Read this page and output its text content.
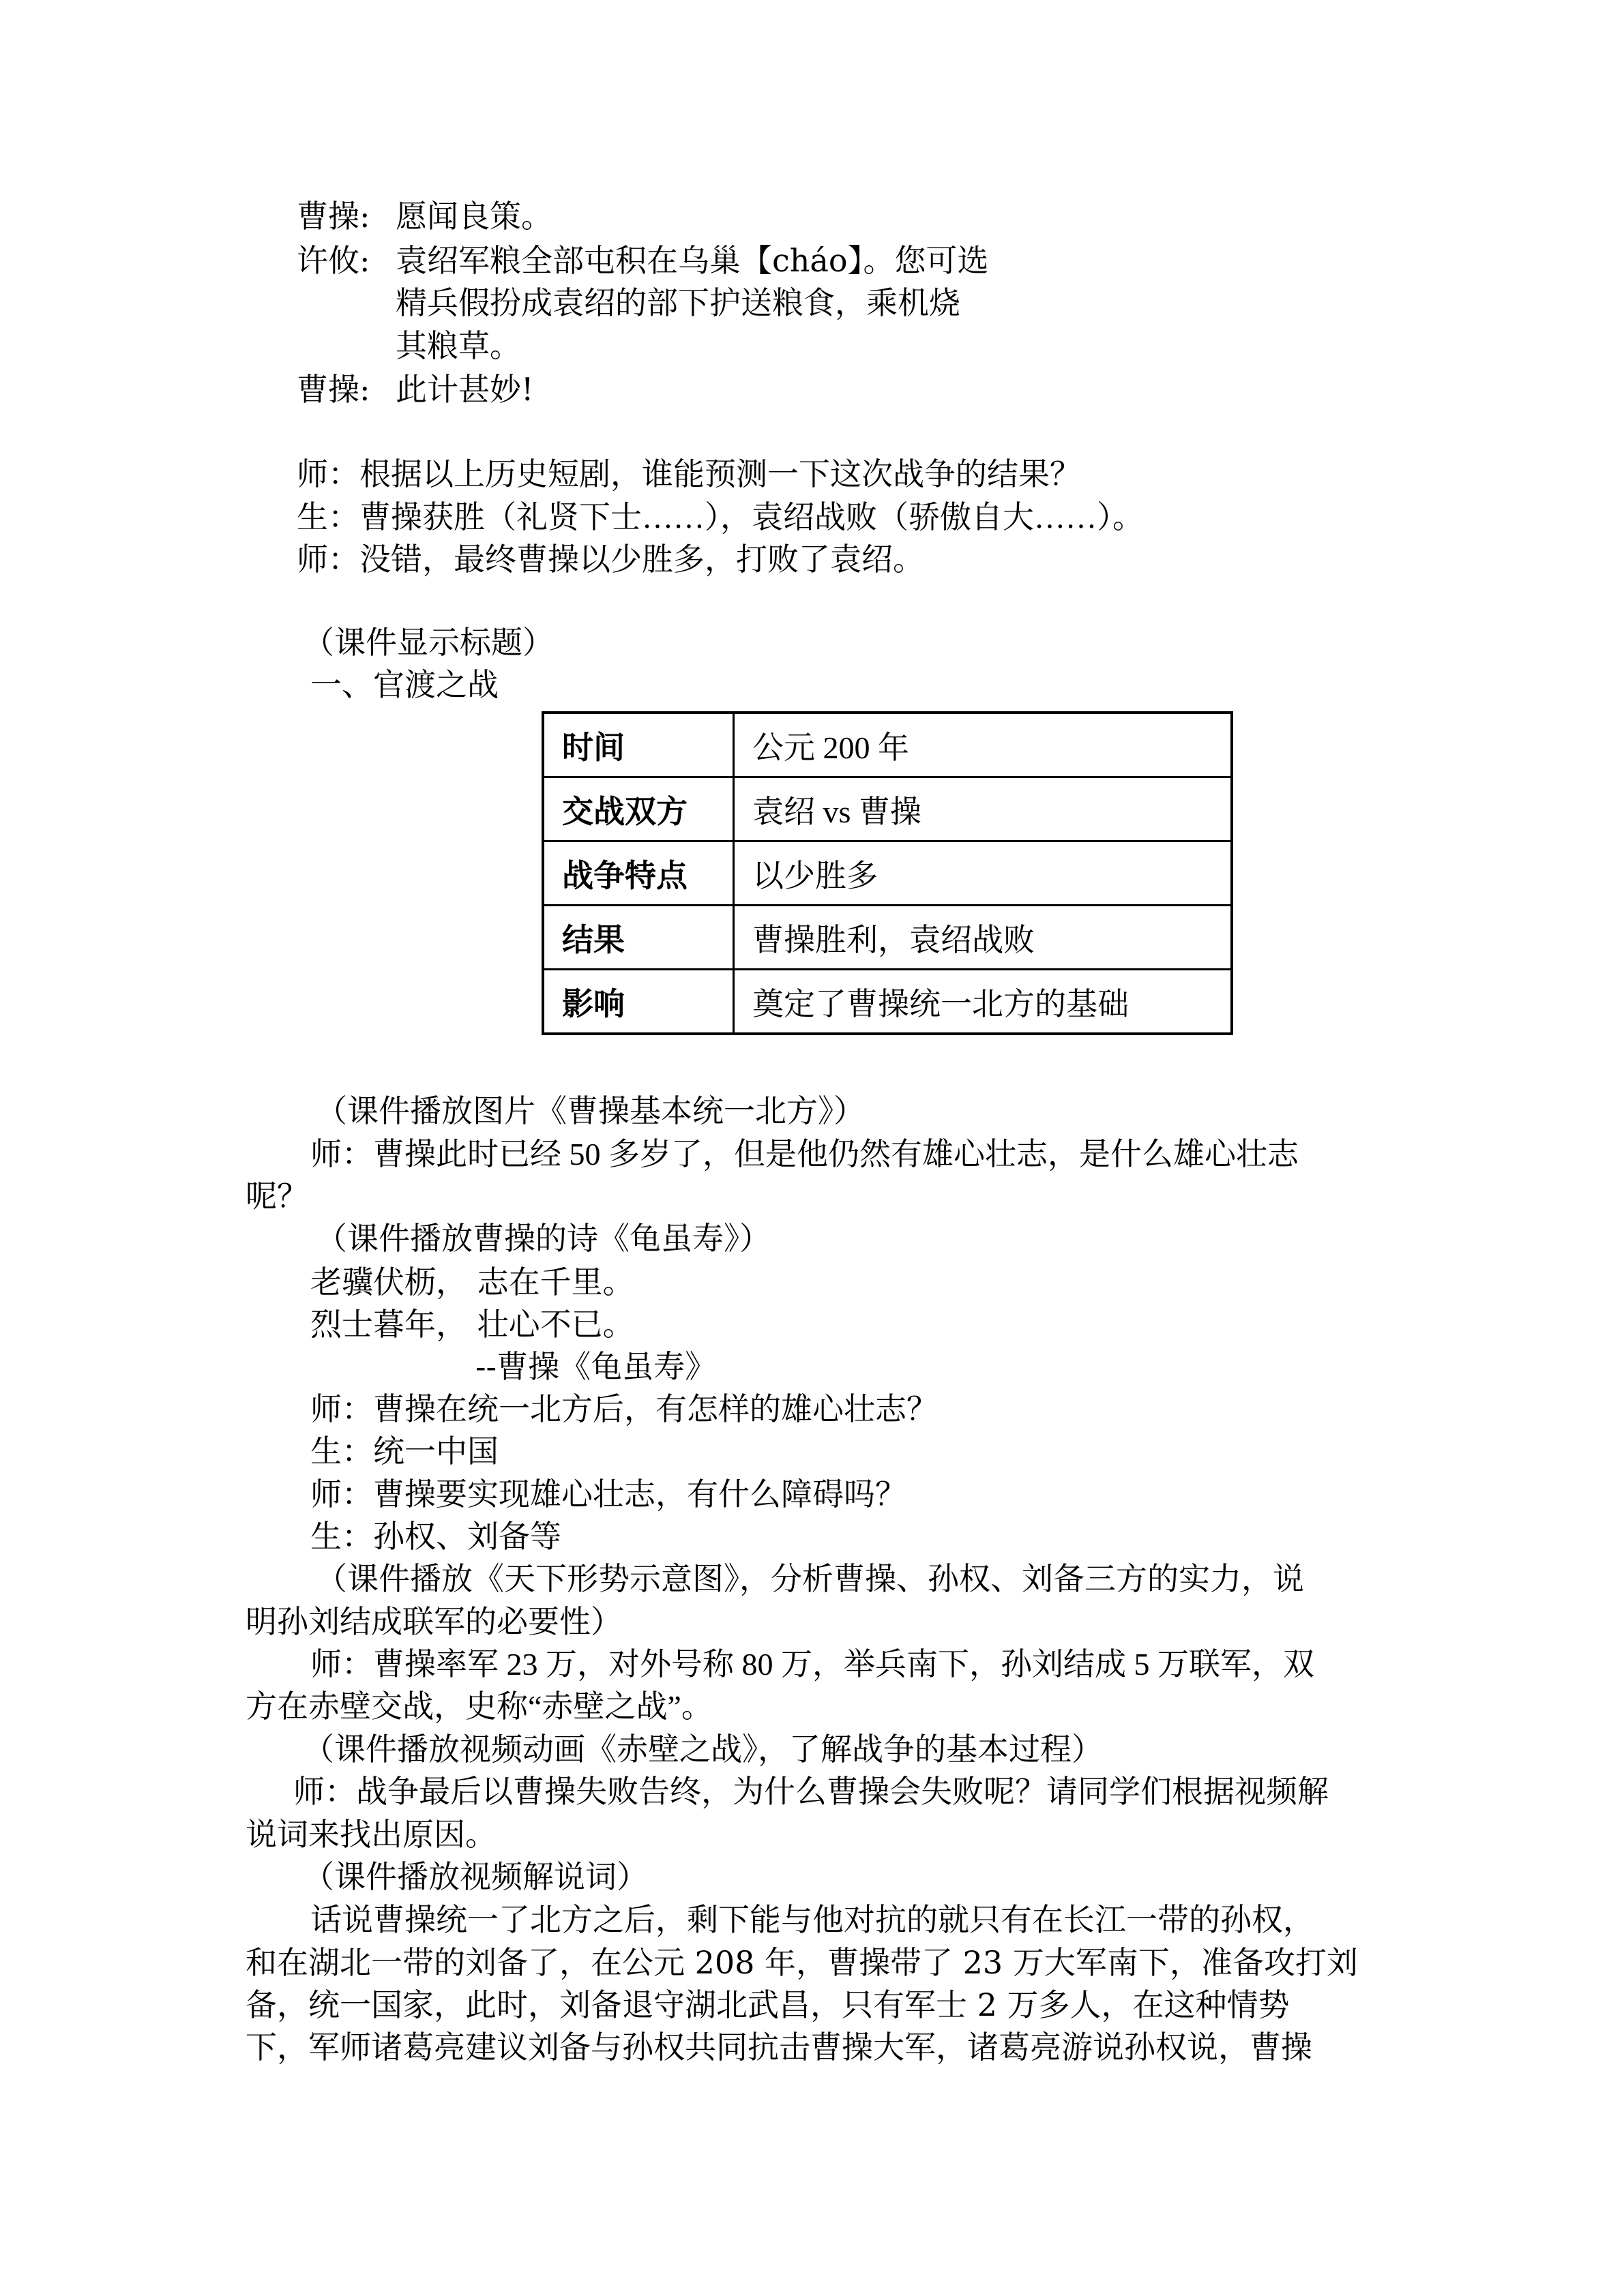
曹操: 愿闻良策。
许攸: 袁绍军粮全部屯积在乌巢【cháo】。您可选
精兵假扮成袁绍的部下护送粮食，乘机烧
其粮草。
曹操: 此计甚妙!
师：根据以上历史短剧，谁能预测一下这次战争的结果？
生：曹操获胜（礼贤下士……），袁绍战败（骄傲自大……）。
师：没错，最终曹操以少胜多，打败了袁绍。
（课件显示标题）
一、官渡之战
时间	公元 200 年
交战双方	袁绍 vs 曹操
战争特点	以少胜多
结果	曹操胜利，袁绍战败
影响	奠定了曹操统一北方的基础
（课件播放图片《曹操基本统一北方》）
师：曹操此时已经 50 多岁了，但是他仍然有雄心壮志，是什么雄心壮志
呢？
（课件播放曹操的诗《龟虽寿》）
老骥伏枥， 志在千里。
烈士暮年， 壮心不已。
--曹操《龟虽寿》
师：曹操在统一北方后，有怎样的雄心壮志？
生：统一中国
师：曹操要实现雄心壮志，有什么障碍吗？
生：孙权、刘备等
（课件播放《天下形势示意图》，分析曹操、孙权、刘备三方的实力，说
明孙刘结成联军的必要性）
师：曹操率军 23 万，对外号称 80 万，举兵南下，孙刘结成 5 万联军，双
方在赤壁交战，史称“赤壁之战”。
（课件播放视频动画《赤壁之战》，了解战争的基本过程）
师：战争最后以曹操失败告终，为什么曹操会失败呢？请同学们根据视频解
说词来找出原因。
（课件播放视频解说词）
话说曹操统一了北方之后，剩下能与他对抗的就只有在长江一带的孙权，
和在湖北一带的刘备了，在公元 208 年，曹操带了 23 万大军南下，准备攻打刘
备，统一国家，此时，刘备退守湖北武昌，只有军士 2 万多人，在这种情势
下，军师诸葛亮建议刘备与孙权共同抗击曹操大军，诸葛亮游说孙权说，曹操
